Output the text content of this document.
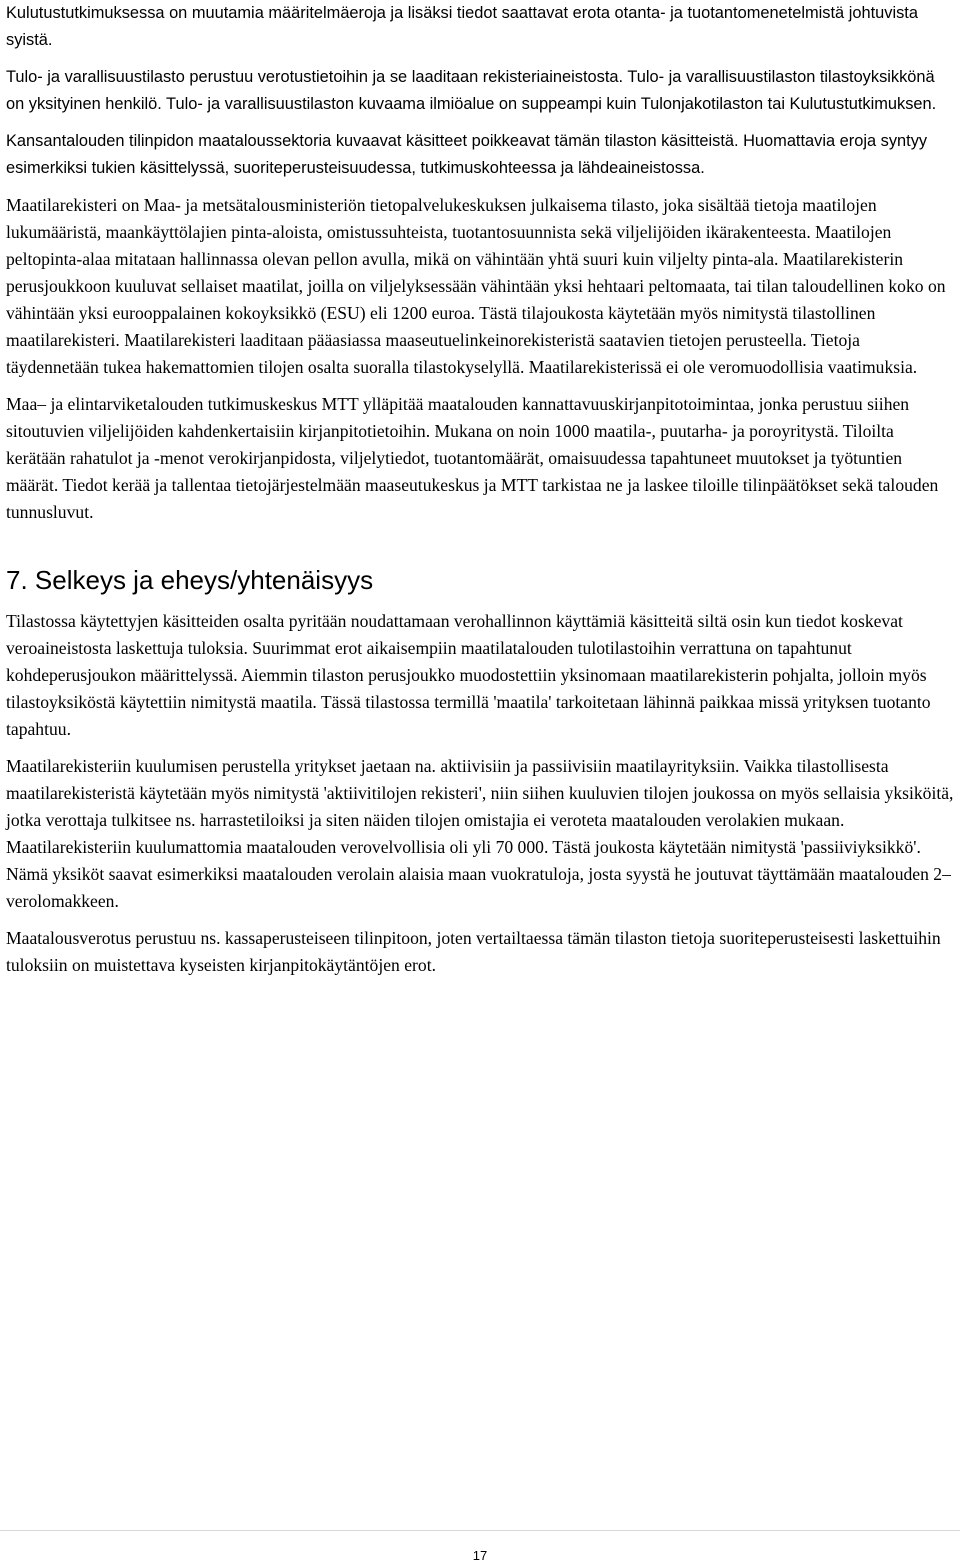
Kulutustutkimuksessa on muutamia määritelmäeroja ja lisäksi tiedot saattavat erota otanta- ja tuotantomenetelmistä johtuvista syistä.

Tulo- ja varallisuustilasto perustuu verotustietoihin ja se laaditaan rekisteriaineistosta. Tulo- ja varallisuustilaston tilastoyksikkönä on yksityinen henkilö. Tulo- ja varallisuustilaston kuvaama ilmiöalue on suppeampi kuin Tulonjakotilaston tai Kulutustutkimuksen.

Kansantalouden tilinpidon maataloussektoria kuvaavat käsitteet poikkeavat tämän tilaston käsitteistä. Huomattavia eroja syntyy esimerkiksi tukien käsittelyssä, suoriteperusteisuudessa, tutkimuskohteessa ja lähdeaineistossa.

Maatilarekisteri on Maa- ja metsätalousministeriön tietopalvelukeskuksen julkaisema tilasto, joka sisältää tietoja maatilojen lukumääristä, maankäyttölajien pinta-aloista, omistussuhteista, tuotantosuunnista sekä viljelijöiden ikärakenteesta. Maatilojen peltopinta-alaa mitataan hallinnassa olevan pellon avulla, mikä on vähintään yhtä suuri kuin viljelty pinta-ala. Maatilarekisterin perusjoukkoon kuuluvat sellaiset maatilat, joilla on viljelyksessään vähintään yksi hehtaari peltomaata, tai tilan taloudellinen koko on vähintään yksi eurooppalainen kokoyksikkö (ESU) eli 1200 euroa. Tästä tilajoukosta käytetään myös nimitystä tilastollinen maatilarekisteri. Maatilarekisteri laaditaan pääasiassa maaseutuelinkeinorekisteristä saatavien tietojen perusteella. Tietoja täydennetään tukea hakemattomien tilojen osalta suoralla tilastokyselyllä. Maatilarekisterissä ei ole veromuodollisia vaatimuksia.

Maa– ja elintarviketalouden tutkimuskeskus MTT ylläpitää maatalouden kannattavuuskirjanpitotoimintaa, jonka perustuu siihen sitoutuvien viljelijöiden kahdenkertaisiin kirjanpitotietoihin. Mukana on noin 1000 maatila-, puutarha- ja poroyritystä. Tiloilta kerätään rahatulot ja -menot verokirjanpidosta, viljelytiedot, tuotantomäärät, omaisuudessa tapahtuneet muutokset ja työtuntien määrät. Tiedot kerää ja tallentaa tietojärjestelmään maaseutukeskus ja MTT tarkistaa ne ja laskee tiloille tilinpäätökset sekä talouden tunnusluvut.

7. Selkeys ja eheys/yhtenäisyys

Tilastossa käytettyjen käsitteiden osalta pyritään noudattamaan verohallinnon käyttämiä käsitteitä siltä osin kun tiedot koskevat veroaineistosta laskettuja tuloksia. Suurimmat erot aikaisempiin maatilatalouden tulotilastoihin verrattuna on tapahtunut kohdeperusjoukon määrittelyssä. Aiemmin tilaston perusjoukko muodostettiin yksinomaan maatilarekisterin pohjalta, jolloin myös tilastoyksiköstä käytettiin nimitystä maatila. Tässä tilastossa termillä 'maatila' tarkoitetaan lähinnä paikkaa missä yrityksen tuotanto tapahtuu.

Maatilarekisteriin kuulumisen perustella yritykset jaetaan na. aktiivisiin ja passiivisiin maatilayrityksiin. Vaikka tilastollisesta maatilarekisteristä käytetään myös nimitystä 'aktiivitilojen rekisteri', niin siihen kuuluvien tilojen joukossa on myös sellaisia yksiköitä, jotka verottaja tulkitsee ns. harrastetiloiksi ja siten näiden tilojen omistajia ei veroteta maatalouden verolakien mukaan. Maatilarekisteriin kuulumattomia maatalouden verovelvollisia oli yli 70 000. Tästä joukosta käytetään nimitystä 'passiiviyksikkö'. Nämä yksiköt saavat esimerkiksi maatalouden verolain alaisia maan vuokratuloja, josta syystä he joutuvat täyttämään maatalouden 2–verolomakkeen.

Maatalousverotus perustuu ns. kassaperusteiseen tilinpitoon, joten vertailtaessa tämän tilaston tietoja suoriteperusteisesti laskettuihin tuloksiin on muistettava kyseisten kirjanpitokäytäntöjen erot.

17
